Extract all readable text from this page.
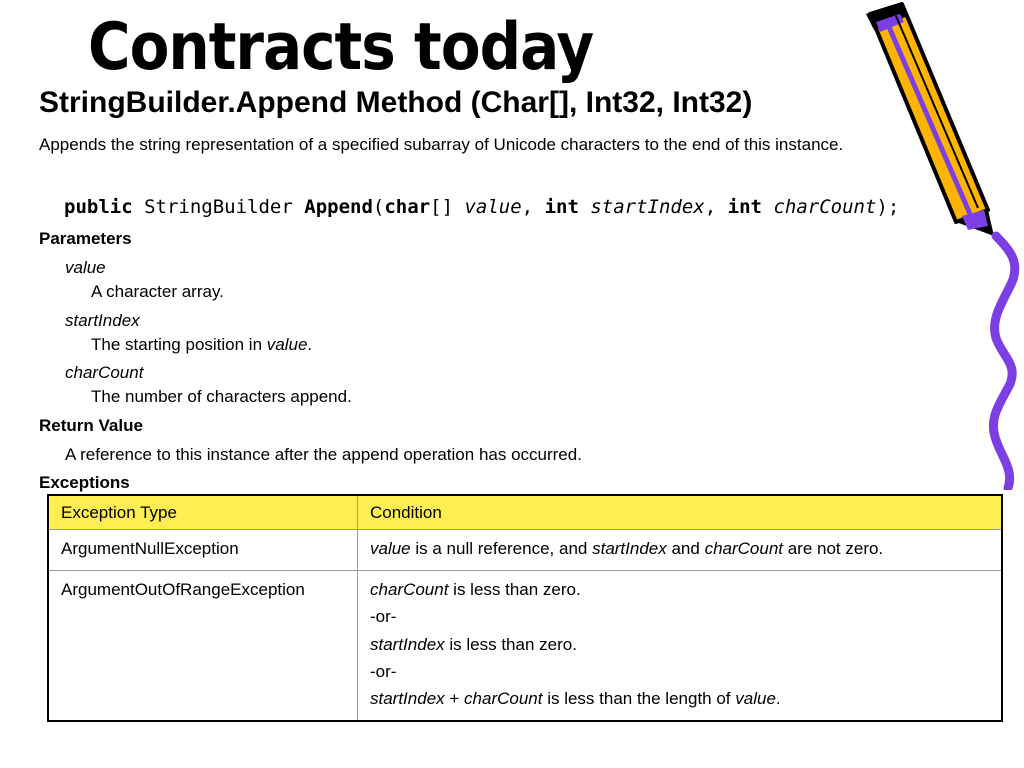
Contracts today
StringBuilder.Append Method (Char[], Int32, Int32)

Appends the string representation of a specified subarray of Unicode characters to the end of this instance.

public StringBuilder Append(char[] value, int startIndex, int charCount);

Parameters

value

A character array.

startIndex

The starting position in value.

charCount

The number of characters append.

Return Value

A reference to this instance after the append operation has occurred.

Exceptions

Exception Type	Condition
ArgumentNullException	value is a null reference, and startIndex and charCount are not zero.
ArgumentOutOfRangeException	charCount is less than zero.
-or-
startIndex is less than zero.
-or-
startIndex + charCount is less than the length of value.
